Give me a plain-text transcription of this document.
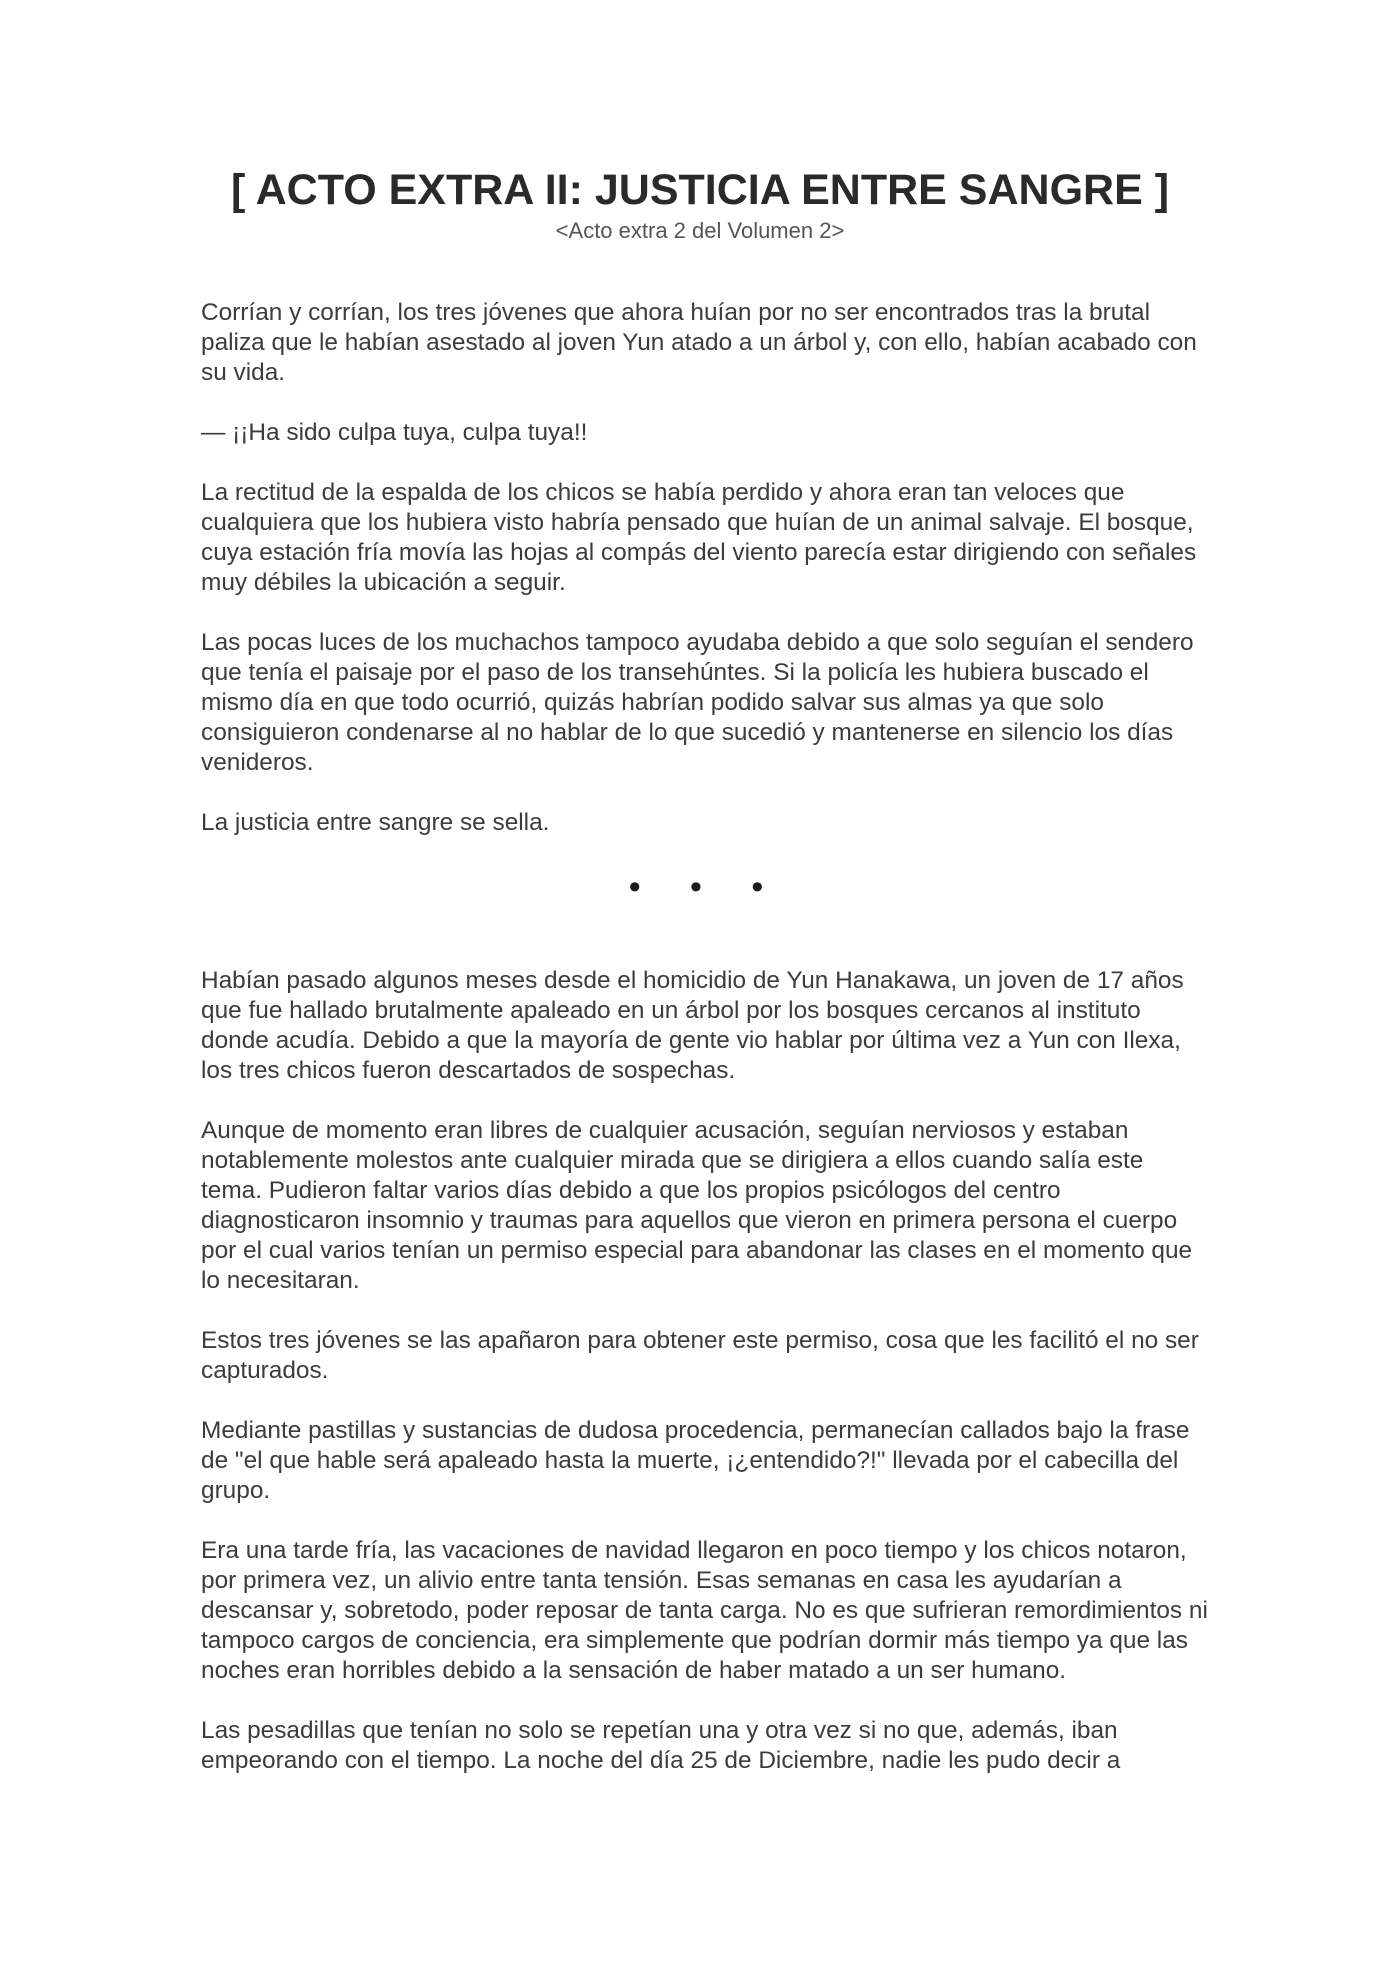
[ ACTO EXTRA II: JUSTICIA ENTRE SANGRE ]

<Acto extra 2 del Volumen 2>

Corrían y corrían, los tres jóvenes que ahora huían por no ser encontrados tras la brutal paliza que le habían asestado al joven Yun atado a un árbol y, con ello, habían acabado con su vida.

— ¡¡Ha sido culpa tuya, culpa tuya!!

La rectitud de la espalda de los chicos se había perdido y ahora eran tan veloces que cualquiera que los hubiera visto habría pensado que huían de un animal salvaje. El bosque, cuya estación fría movía las hojas al compás del viento parecía estar dirigiendo con señales muy débiles la ubicación a seguir.

Las pocas luces de los muchachos tampoco ayudaba debido a que solo seguían el sendero que tenía el paisaje por el paso de los transehúntes. Si la policía les hubiera buscado el mismo día en que todo ocurrió, quizás habrían podido salvar sus almas ya que solo consiguieron condenarse al no hablar de lo que sucedió y mantenerse en silencio los días venideros.

La justicia entre sangre se sella.

• • •

Habían pasado algunos meses desde el homicidio de Yun Hanakawa, un joven de 17 años que fue hallado brutalmente apaleado en un árbol por los bosques cercanos al instituto donde acudía. Debido a que la mayoría de gente vio hablar por última vez a Yun con Ilexa, los tres chicos fueron descartados de sospechas.

Aunque de momento eran libres de cualquier acusación, seguían nerviosos y estaban notablemente molestos ante cualquier mirada que se dirigiera a ellos cuando salía este tema. Pudieron faltar varios días debido a que los propios psicólogos del centro diagnosticaron insomnio y traumas para aquellos que vieron en primera persona el cuerpo por el cual varios tenían un permiso especial para abandonar las clases en el momento que lo necesitaran.

Estos tres jóvenes se las apañaron para obtener este permiso, cosa que les facilitó el no ser capturados.

Mediante pastillas y sustancias de dudosa procedencia, permanecían callados bajo la frase de "el que hable será apaleado hasta la muerte, ¡¿entendido?!" llevada por el cabecilla del grupo.

Era una tarde fría, las vacaciones de navidad llegaron en poco tiempo y los chicos notaron, por primera vez, un alivio entre tanta tensión. Esas semanas en casa les ayudarían a descansar y, sobretodo, poder reposar de tanta carga. No es que sufrieran remordimientos ni tampoco cargos de conciencia, era simplemente que podrían dormir más tiempo ya que las noches eran horribles debido a la sensación de haber matado a un ser humano.

Las pesadillas que tenían no solo se repetían una y otra vez si no que, además, iban empeorando con el tiempo. La noche del día 25 de Diciembre, nadie les pudo decir a
